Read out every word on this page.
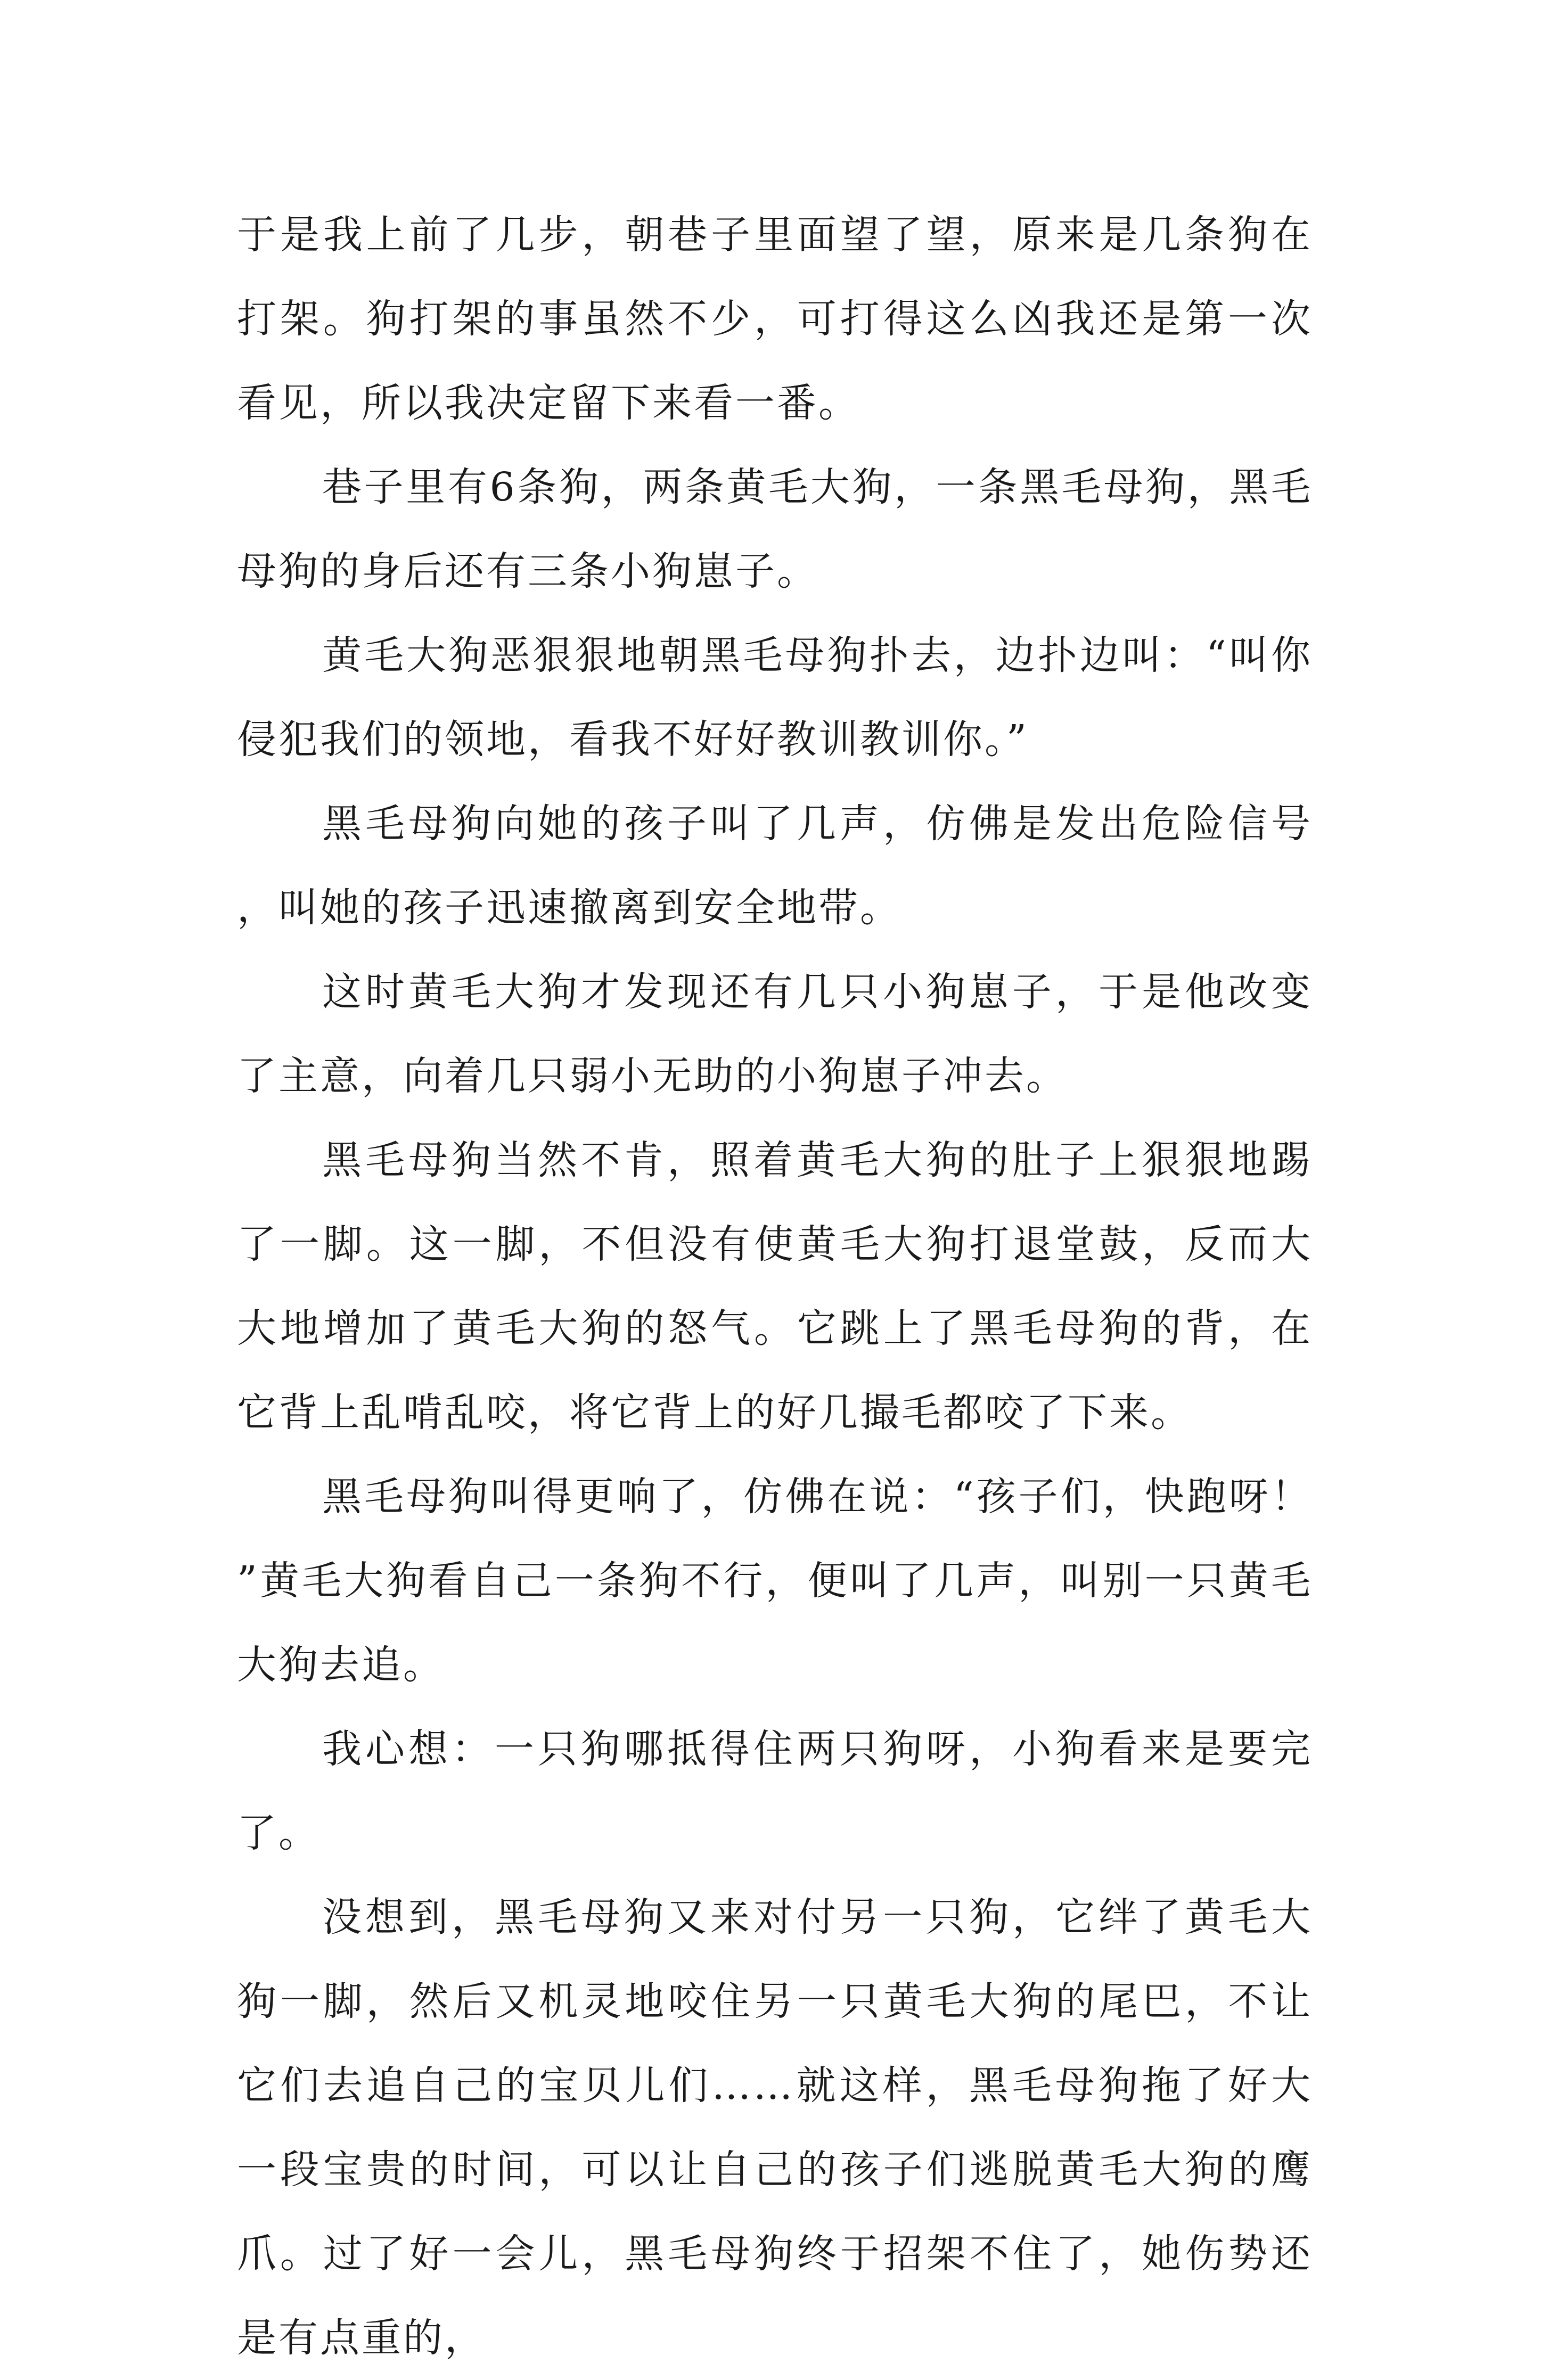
于是我上前了几步，朝巷子里面望了望，原来是几条狗在打架。狗打架的事虽然不少，可打得这么凶我还是第一次看见，所以我决定留下来看一番。

巷子里有6条狗，两条黄毛大狗，一条黑毛母狗，黑毛母狗的身后还有三条小狗崽子。

黄毛大狗恶狠狠地朝黑毛母狗扑去，边扑边叫：“叫你侵犯我们的领地，看我不好好教训教训你。”

黑毛母狗向她的孩子叫了几声，仿佛是发出危险信号，叫她的孩子迅速撤离到安全地带。

这时黄毛大狗才发现还有几只小狗崽子，于是他改变了主意，向着几只弱小无助的小狗崽子冲去。

黑毛母狗当然不肯，照着黄毛大狗的肚子上狠狠地踢了一脚。这一脚，不但没有使黄毛大狗打退堂鼓，反而大大地增加了黄毛大狗的怒气。它跳上了黑毛母狗的背，在它背上乱啃乱咬，将它背上的好几撮毛都咬了下来。

黑毛母狗叫得更响了，仿佛在说：“孩子们，快跑呀！”黄毛大狗看自己一条狗不行，便叫了几声，叫别一只黄毛大狗去追。

我心想：一只狗哪抵得住两只狗呀，小狗看来是要完了。

没想到，黑毛母狗又来对付另一只狗，它绊了黄毛大狗一脚，然后又机灵地咬住另一只黄毛大狗的尾巴，不让它们去追自己的宝贝儿们……就这样，黑毛母狗拖了好大一段宝贵的时间，可以让自己的孩子们逃脱黄毛大狗的鹰爪。过了好一会儿，黑毛母狗终于招架不住了，她伤势还是有点重的，
